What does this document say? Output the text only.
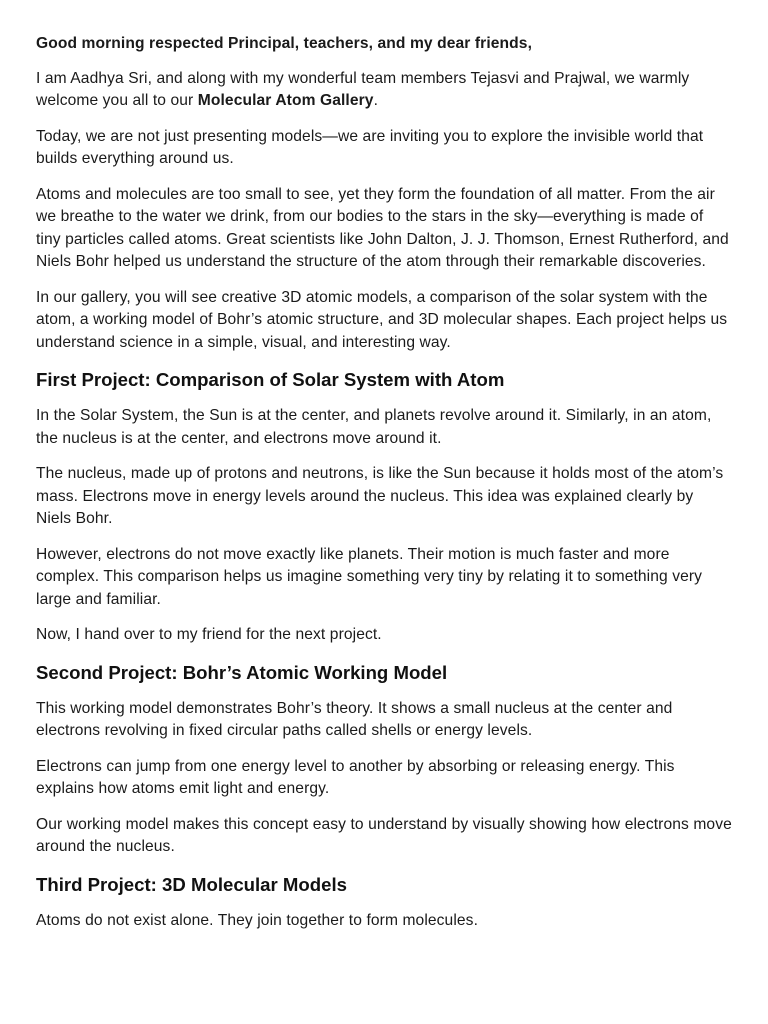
Good morning respected Principal, teachers, and my dear friends,

I am Aadhya Sri, and along with my wonderful team members Tejasvi and Prajwal, we warmly welcome you all to our Molecular Atom Gallery.

Today, we are not just presenting models—we are inviting you to explore the invisible world that builds everything around us.

Atoms and molecules are too small to see, yet they form the foundation of all matter. From the air we breathe to the water we drink, from our bodies to the stars in the sky—everything is made of tiny particles called atoms. Great scientists like John Dalton, J. J. Thomson, Ernest Rutherford, and Niels Bohr helped us understand the structure of the atom through their remarkable discoveries.

In our gallery, you will see creative 3D atomic models, a comparison of the solar system with the atom, a working model of Bohr’s atomic structure, and 3D molecular shapes. Each project helps us understand science in a simple, visual, and interesting way.

First Project: Comparison of Solar System with Atom

In the Solar System, the Sun is at the center, and planets revolve around it. Similarly, in an atom, the nucleus is at the center, and electrons move around it.

The nucleus, made up of protons and neutrons, is like the Sun because it holds most of the atom’s mass. Electrons move in energy levels around the nucleus. This idea was explained clearly by Niels Bohr.

However, electrons do not move exactly like planets. Their motion is much faster and more complex. This comparison helps us imagine something very tiny by relating it to something very large and familiar.

Now, I hand over to my friend for the next project.

Second Project: Bohr’s Atomic Working Model

This working model demonstrates Bohr’s theory. It shows a small nucleus at the center and electrons revolving in fixed circular paths called shells or energy levels.

Electrons can jump from one energy level to another by absorbing or releasing energy. This explains how atoms emit light and energy.

Our working model makes this concept easy to understand by visually showing how electrons move around the nucleus.

Third Project: 3D Molecular Models

Atoms do not exist alone. They join together to form molecules.
